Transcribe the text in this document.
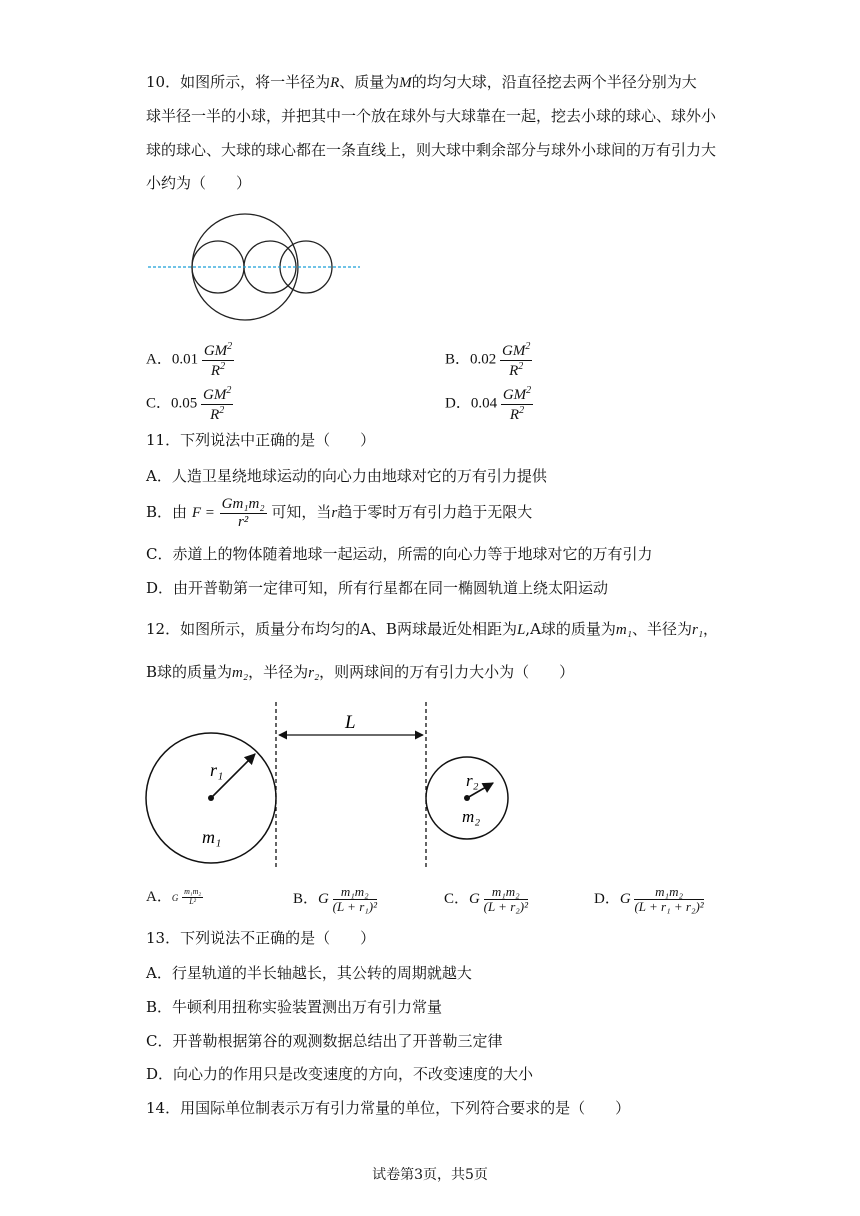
10．如图所示，将一半径为R、质量为M的均匀大球，沿直径挖去两个半径分别为大
球半径一半的小球，并把其中一个放在球外与大球靠在一起，挖去小球的球心、球外小
球的球心、大球的球心都在一条直线上，则大球中剩余部分与球外小球间的万有引力大
小约为（　　）
A．$0.01 \frac{GM^2}{R^2}$	B．$0.02 \frac{GM^2}{R^2}$
C．$0.05 \frac{GM^2}{R^2}$	D．$0.04 \frac{GM^2}{R^2}$
11．下列说法中正确的是（　　）
A．人造卫星绕地球运动的向心力由地球对它的万有引力提供
B．由 $F = \frac{\text{Gm₁m₂}}{\text{r²}}$ 可知，当r趋于零时万有引力趋于无限大
C．赤道上的物体随着地球一起运动，所需的向心力等于地球对它的万有引力
D．由开普勒第一定律可知，所有行星都在同一椭圆轨道上绕太阳运动
12．如图所示，质量分布均匀的A、B两球最近处相距为L,A球的质量为m₁、半径为r₁，
B球的质量为m₂，半径为r₂，则两球间的万有引力大小为（　　）
r₁
m₁
L
r₂
m₂
A．G $\frac{\text{m₁m₂}}{\text{L²}}$	B．G $\frac{\text{m₁m₂}}{\text{(L + r₁)²}}$	C．G $\frac{\text{m₁m₂}}{\text{(L + r₂)²}}$	D．G $\frac{\text{m₁m₂}}{\text{(L + r₁ + r₂)²}}$
13．下列说法不正确的是（　　）
A．行星轨道的半长轴越长，其公转的周期就越大
B．牛顿利用扭称实验装置测出万有引力常量
C．开普勒根据第谷的观测数据总结出了开普勒三定律
D．向心力的作用只是改变速度的方向，不改变速度的大小
14．用国际单位制表示万有引力常量的单位，下列符合要求的是（　　）
试卷第3页，共5页
